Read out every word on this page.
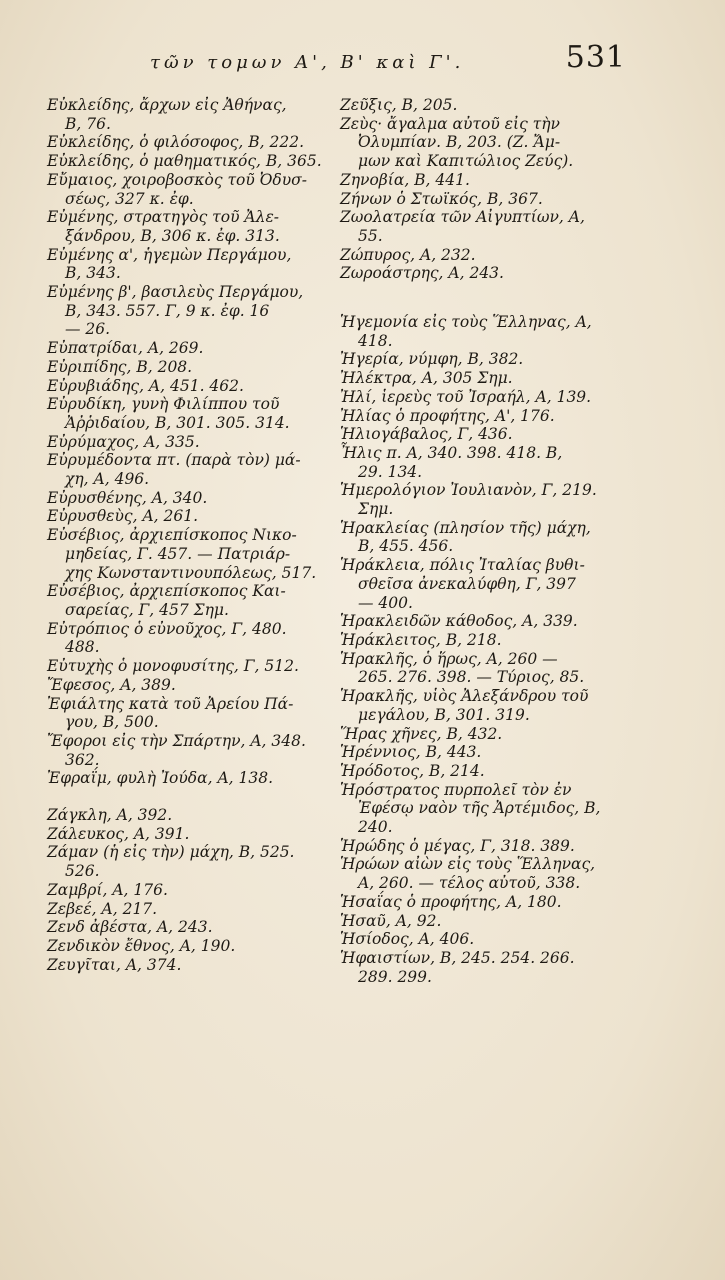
τῶν τομων Α', Β' καὶ Γ'.	531
Εὐκλείδης, ἄρχων εἰς Ἀθήνας,
Β, 76.
Εὐκλείδης, ὁ φιλόσοφος, Β, 222.
Εὐκλείδης, ὁ μαθηματικός, Β, 365.
Εὔμαιος, χοιροβοσκὸς τοῦ Ὀδυσ-
σέως, 327 κ. ἐφ.
Εὐμένης, στρατηγὸς τοῦ Ἀλε-
ξάνδρου, Β, 306 κ. ἐφ. 313.
Εὐμένης α', ἡγεμὼν Περγάμου,
Β, 343.
Εὐμένης β', βασιλεὺς Περγάμου,
Β, 343. 557. Γ, 9 κ. ἐφ. 16
— 26.
Εὐπατρίδαι, Α, 269.
Εὐριπίδης, Β, 208.
Εὐρυβιάδης, Α, 451. 462.
Εὐρυδίκη, γυνὴ Φιλίππου τοῦ
Ἀῤῥιδαίου, Β, 301. 305. 314.
Εὐρύμαχος, Α, 335.
Εὐρυμέδοντα πτ. (παρὰ τὸν) μά-
χη, Α, 496.
Εὐρυσθένης, Α, 340.
Εὐρυσθεὺς, Α, 261.
Εὐσέβιος, ἀρχιεπίσκοπος Νικο-
μηδείας, Γ. 457. — Πατριάρ-
χης Κωνσταντινουπόλεως, 517.
Εὐσέβιος, ἀρχιεπίσκοπος Και-
σαρείας, Γ, 457 Σημ.
Εὐτρόπιος ὁ εὐνοῦχος, Γ, 480.
488.
Εὐτυχὴς ὁ μονοφυσίτης, Γ, 512.
Ἔφεσος, Α, 389.
Ἐφιάλτης κατὰ τοῦ Ἀρείου Πά-
γου, Β, 500.
Ἔφοροι εἰς τὴν Σπάρτην, Α, 348.
362.
Ἐφραΐμ, φυλὴ Ἰούδα, Α, 138.
Ζάγκλη, Α, 392.
Ζάλευκος, Α, 391.
Ζάμαν (ἡ εἰς τὴν) μάχη, Β, 525.
526.
Ζαμβρί, Α, 176.
Ζεβεέ, Α, 217.
Ζενδ ἀβέστα, Α, 243.
Ζενδικὸν ἔθνος, Α, 190.
Ζευγῖται, Α, 374.
Ζεῦξις, Β, 205.
Ζεὺς· ἄγαλμα αὐτοῦ εἰς τὴν
Ὀλυμπίαν. Β, 203. (Ζ. Ἄμ-
μων καὶ Καπιτώλιος Ζεύς).
Ζηνοβία, Β, 441.
Ζήνων ὁ Στωϊκός, Β, 367.
Ζωολατρεία τῶν Αἰγυπτίων, Α,
55.
Ζώπυρος, Α, 232.
Ζωροάστρης, Α, 243.
Ἡγεμονία εἰς τοὺς Ἕλληνας, Α,
418.
Ἠγερία, νύμφη, Β, 382.
Ἠλέκτρα, Α, 305 Σημ.
Ἠλί, ἱερεὺς τοῦ Ἰσραήλ, Α, 139.
Ἠλίας ὁ προφήτης, Α', 176.
Ἡλιογάβαλος, Γ, 436.
Ἦλις π. Α, 340. 398. 418. Β,
29. 134.
Ἡμερολόγιον Ἰουλιανὸν, Γ, 219.
Σημ.
Ἡρακλείας (πλησίον τῆς) μάχη,
Β, 455. 456.
Ἡράκλεια, πόλις Ἰταλίας βυθι-
σθεῖσα ἀνεκαλύφθη, Γ, 397
— 400.
Ἡρακλειδῶν κάθοδος, Α, 339.
Ἡράκλειτος, Β, 218.
Ἡρακλῆς, ὁ ἥρως, Α, 260 —
265. 276. 398. — Τύριος, 85.
Ἡρακλῆς, υἱὸς Ἀλεξάνδρου τοῦ
μεγάλου, Β, 301. 319.
Ἥρας χῆνες, Β, 432.
Ἡρέννιος, Β, 443.
Ἡρόδοτος, Β, 214.
Ἡρόστρατος πυρπολεῖ τὸν ἐν
Ἐφέσῳ ναὸν τῆς Ἀρτέμιδος, Β,
240.
Ἡρώδης ὁ μέγας, Γ, 318. 389.
Ἡρώων αἰὼν εἰς τοὺς Ἕλληνας,
Α, 260. — τέλος αὐτοῦ, 338.
Ἡσαΐας ὁ προφήτης, Α, 180.
Ἡσαῦ, Α, 92.
Ἡσίοδος, Α, 406.
Ἡφαιστίων, Β, 245. 254. 266.
289. 299.
